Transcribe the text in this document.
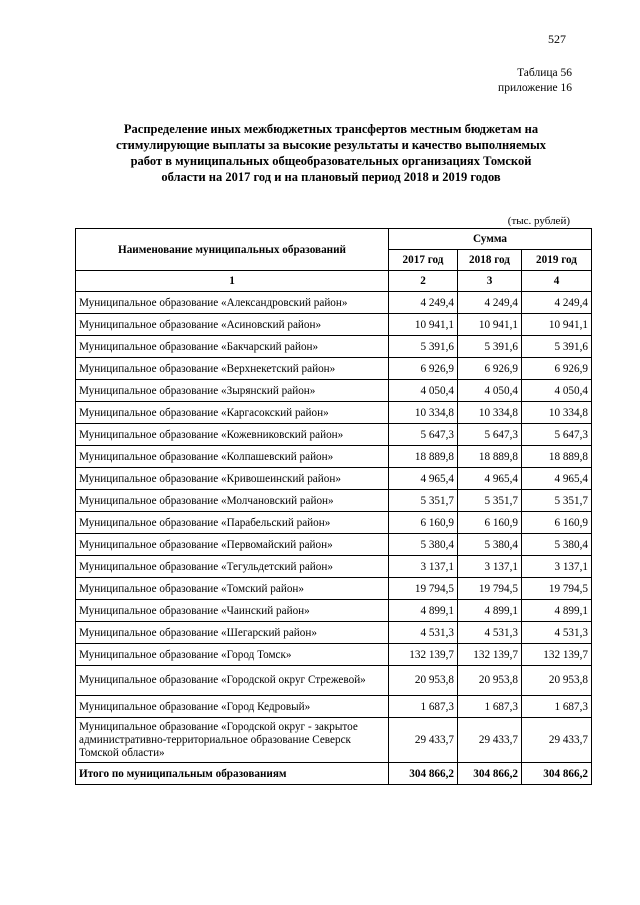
527
Таблица 56
приложение 16
Распределение иных межбюджетных трансфертов местным бюджетам на
стимулирующие выплаты за высокие результаты и качество выполняемых
работ в муниципальных общеобразовательных организациях Томской
области на 2017 год и на плановый период 2018 и 2019 годов
(тыс. рублей)
Наименование муниципальных образований	Сумма		
	2017 год	2018 год	2019 год
1	2	3	4
Муниципальное образование «Александровский район»	4 249,4	4 249,4	4 249,4
Муниципальное образование «Асиновский район»	10 941,1	10 941,1	10 941,1
Муниципальное образование «Бакчарский район»	5 391,6	5 391,6	5 391,6
Муниципальное образование «Верхнекетский район»	6 926,9	6 926,9	6 926,9
Муниципальное образование «Зырянский район»	4 050,4	4 050,4	4 050,4
Муниципальное образование «Каргасокский район»	10 334,8	10 334,8	10 334,8
Муниципальное образование «Кожевниковский район»	5 647,3	5 647,3	5 647,3
Муниципальное образование «Колпашевский район»	18 889,8	18 889,8	18 889,8
Муниципальное образование «Кривошеинский район»	4 965,4	4 965,4	4 965,4
Муниципальное образование «Молчановский район»	5 351,7	5 351,7	5 351,7
Муниципальное образование «Парабельский район»	6 160,9	6 160,9	6 160,9
Муниципальное образование «Первомайский район»	5 380,4	5 380,4	5 380,4
Муниципальное образование «Тегульдетский район»	3 137,1	3 137,1	3 137,1
Муниципальное образование «Томский район»	19 794,5	19 794,5	19 794,5
Муниципальное образование «Чаинский район»	4 899,1	4 899,1	4 899,1
Муниципальное образование «Шегарский район»	4 531,3	4 531,3	4 531,3
Муниципальное образование «Город Томск»	132 139,7	132 139,7	132 139,7
Муниципальное образование «Городской округ Стрежевой»	20 953,8	20 953,8	20 953,8
Муниципальное образование «Город Кедровый»	1 687,3	1 687,3	1 687,3
Муниципальное образование «Городской округ - закрытое административно-территориальное образование Северск Томской области»	29 433,7	29 433,7	29 433,7
Итого по муниципальным образованиям	304 866,2	304 866,2	304 866,2
